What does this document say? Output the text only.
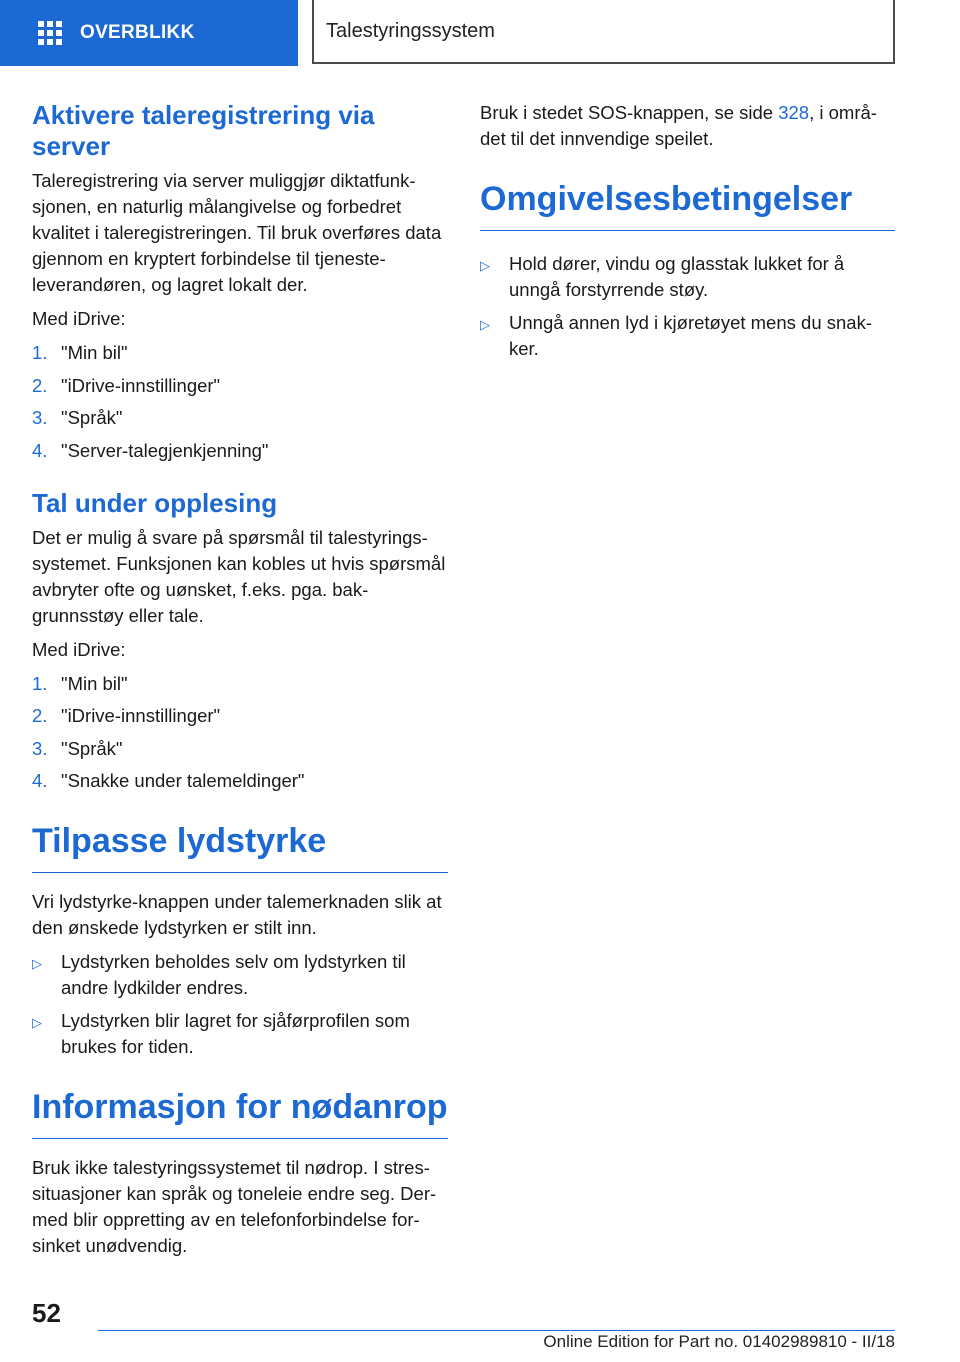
OVERBLIKK	Talestyringssystem
Aktivere taleregistrering via server

Taleregistrering via server muliggjør diktatfunksjonen, en naturlig målangivelse og forbedret kvalitet i taleregistreringen. Til bruk overføres data gjennom en kryptert forbindelse til tjenesteleverandøren, og lagret lokalt der.

Med iDrive:

1. "Min bil"
2. "iDrive-innstillinger"
3. "Språk"
4. "Server-talegjenkjenning"
Tal under opplesing

Det er mulig å svare på spørsmål til talestyringssystemet. Funksjonen kan kobles ut hvis spørsmål avbryter ofte og uønsket, f.eks. pga. bakgrunnsstøy eller tale.

Med iDrive:

1. "Min bil"
2. "iDrive-innstillinger"
3. "Språk"
4. "Snakke under talemeldinger"
Tilpasse lydstyrke

Vri lydstyrke-knappen under talemerknaden slik at den ønskede lydstyrken er stilt inn.

▷	Lydstyrken beholdes selv om lydstyrken til andre lydkilder endres.
▷	Lydstyrken blir lagret for sjåførprofilen som brukes for tiden.
Informasjon for nødanrop

Bruk ikke talestyringssystemet til nødrop. I stressituasjoner kan språk og toneleie endre seg. Dermed blir oppretting av en telefonforbindelse forsinket unødvendig.

Bruk i stedet SOS-knappen, se side 328, i området til det innvendige speilet.

Omgivelsesbetingelser
▷	Hold dører, vindu og glasstak lukket for å unngå forstyrrende støy.
▷	Unngå annen lyd i kjøretøyet mens du snakker.
52
Online Edition for Part no. 01402989810 - II/18
